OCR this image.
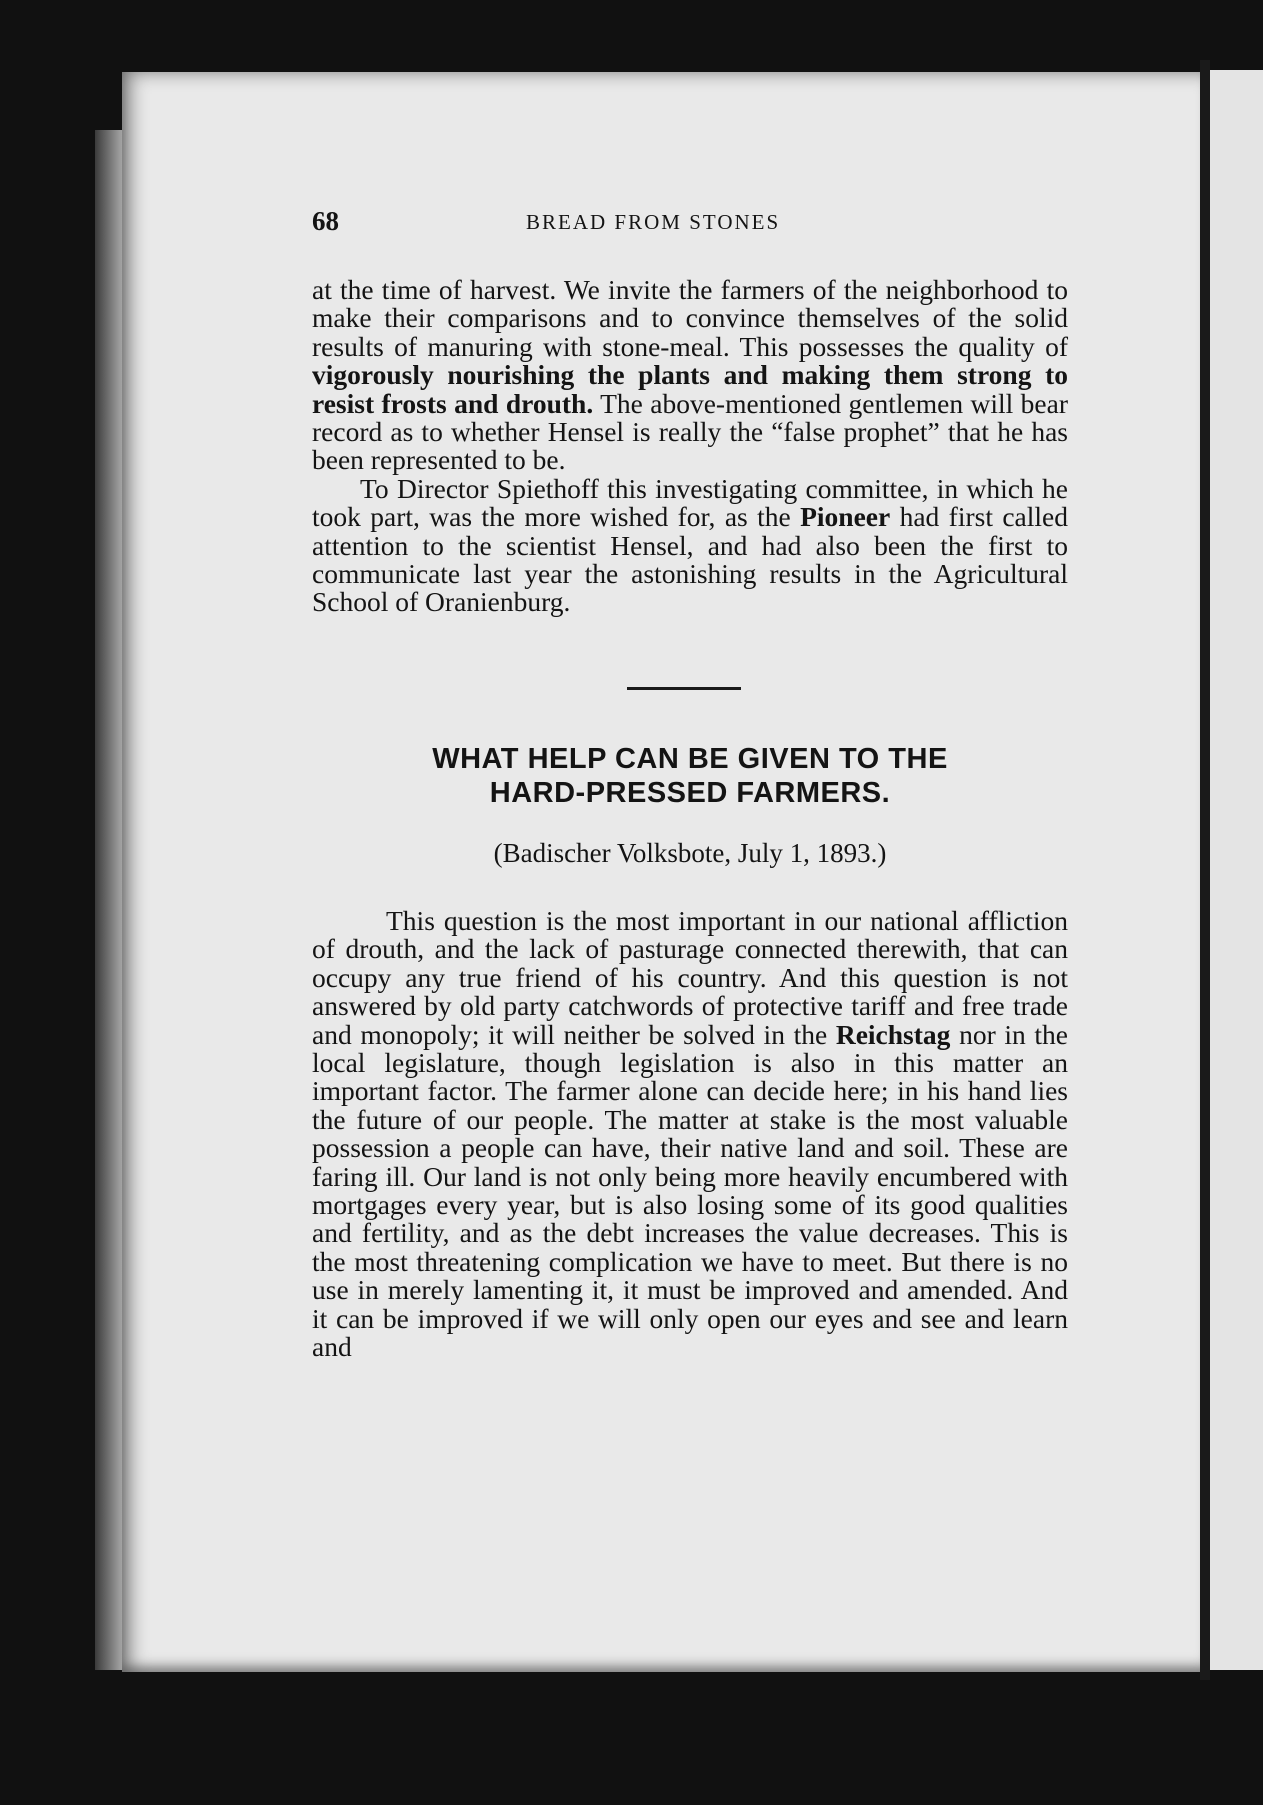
68	BREAD FROM STONES

at the time of harvest. We invite the farmers of the neighborhood to make their comparisons and to convince themselves of the solid results of manuring with stone-meal. This possesses the quality of vigorously nourishing the plants and making them strong to resist frosts and drouth. The above-mentioned gentlemen will bear record as to whether Hensel is really the “false prophet” that he has been represented to be.

To Director Spiethoff this investigating committee, in which he took part, was the more wished for, as the Pioneer had first called attention to the scientist Hensel, and had also been the first to communicate last year the astonishing results in the Agricultural School of Oranienburg.

WHAT HELP CAN BE GIVEN TO THE
HARD-PRESSED FARMERS.
(Badischer Volksbote, July 1, 1893.)

This question is the most important in our national affliction of drouth, and the lack of pasturage connected therewith, that can occupy any true friend of his country. And this question is not answered by old party catchwords of protective tariff and free trade and monopoly; it will neither be solved in the Reichstag nor in the local legislature, though legislation is also in this matter an important factor. The farmer alone can decide here; in his hand lies the future of our people. The matter at stake is the most valuable possession a people can have, their native land and soil. These are faring ill. Our land is not only being more heavily encumbered with mortgages every year, but is also losing some of its good qualities and fertility, and as the debt increases the value decreases. This is the most threatening complication we have to meet. But there is no use in merely lamenting it, it must be improved and amended. And it can be improved if we will only open our eyes and see and learn and
